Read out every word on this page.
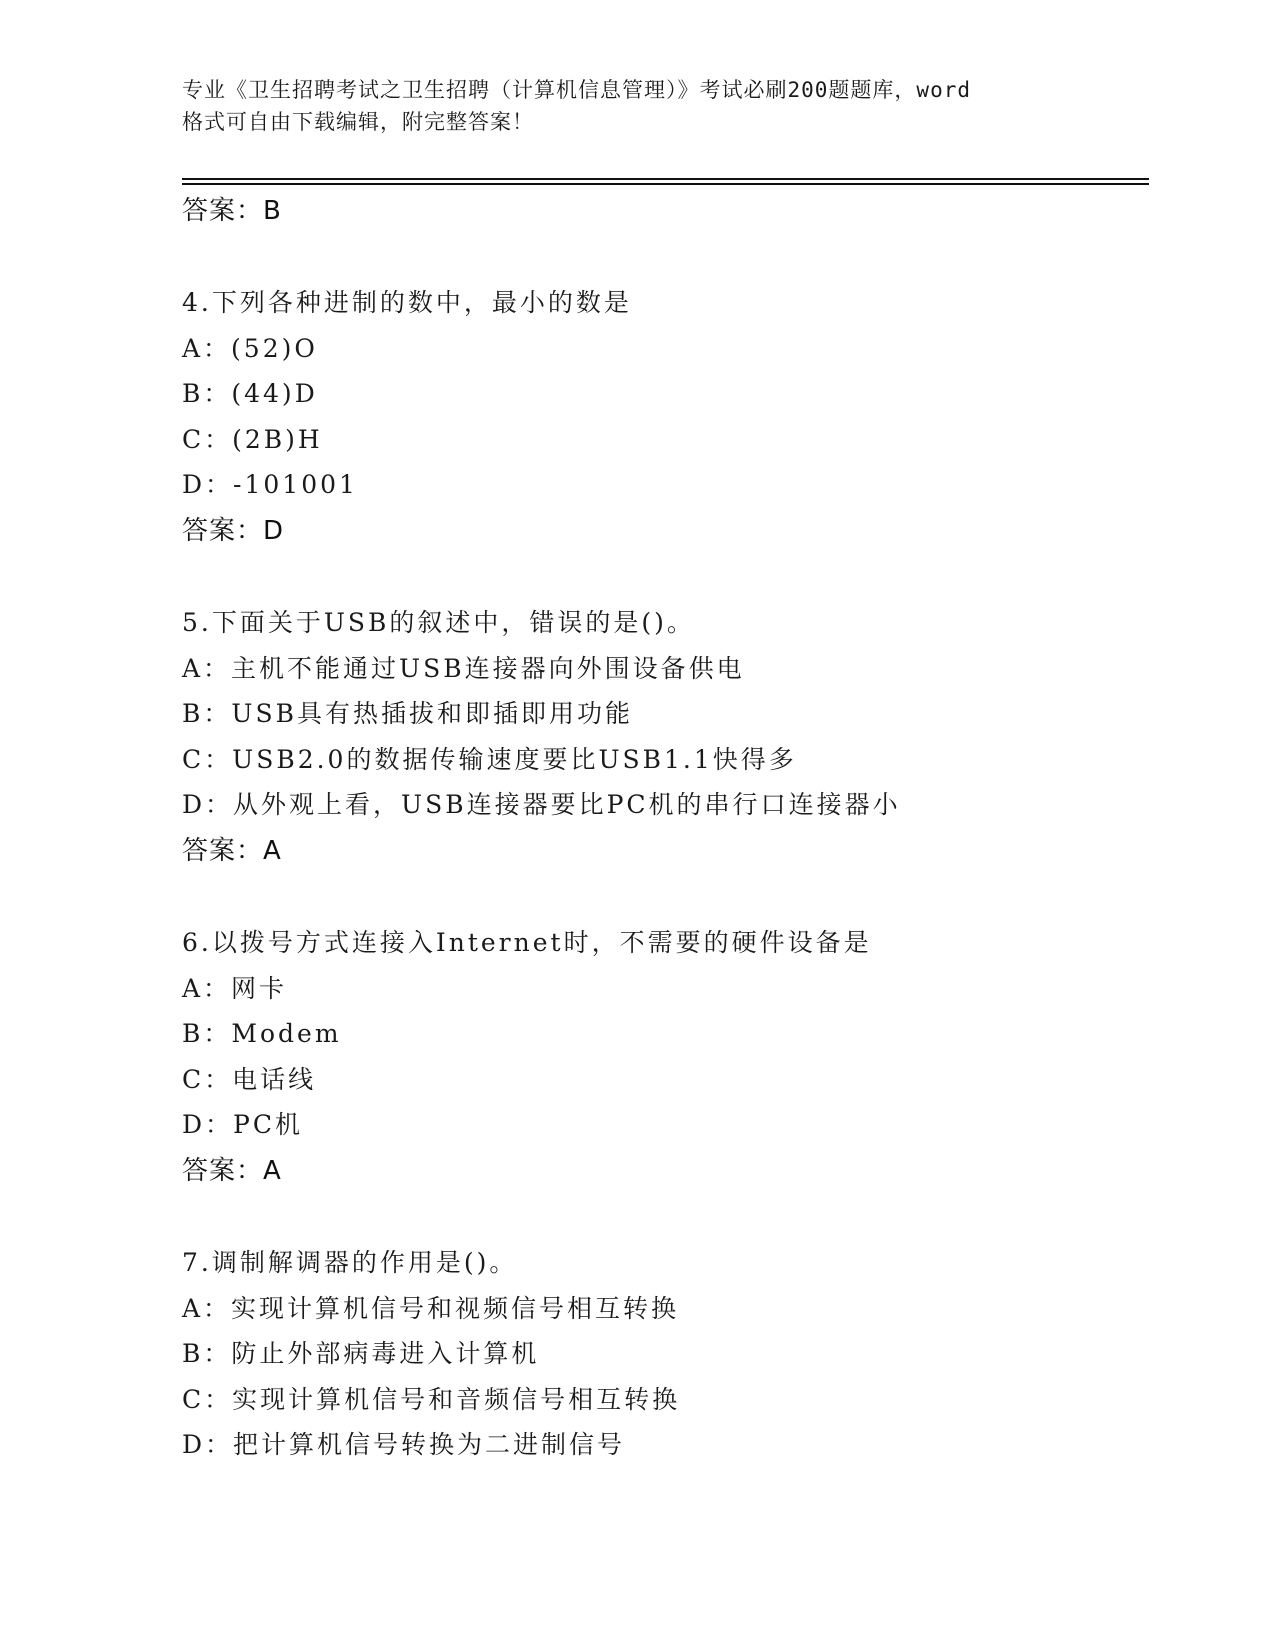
专业《卫生招聘考试之卫生招聘（计算机信息管理）》考试必刷200题题库，word
格式可自由下载编辑，附完整答案！
答案：B
4.下列各种进制的数中，最小的数是
A：(52)O
B：(44)D
C：(2B)H
D：-101001
答案：D
5.下面关于USB的叙述中，错误的是()。
A：主机不能通过USB连接器向外围设备供电
B：USB具有热插拔和即插即用功能
C：USB2.0的数据传输速度要比USB1.1快得多
D：从外观上看，USB连接器要比PC机的串行口连接器小
答案：A
6.以拨号方式连接入Internet时，不需要的硬件设备是
A：网卡
B：Modem
C：电话线
D：PC机
答案：A
7.调制解调器的作用是()。
A：实现计算机信号和视频信号相互转换
B：防止外部病毒进入计算机
C：实现计算机信号和音频信号相互转换
D：把计算机信号转换为二进制信号
